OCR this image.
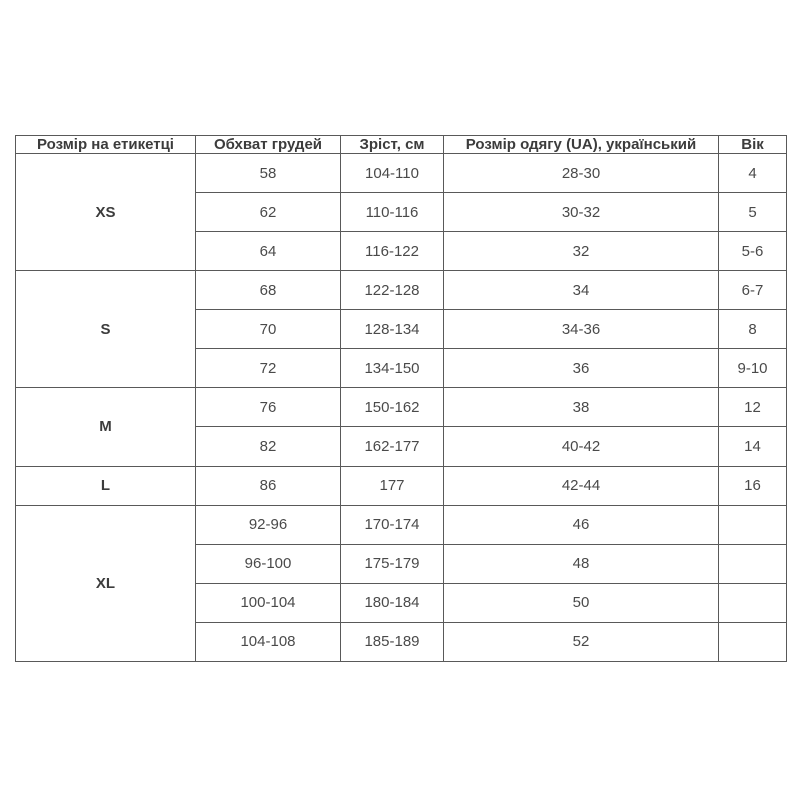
Розмір на етикетці	Обхват грудей	Зріст, см	Розмір одягу (UA), український	Вік
XS	58	104-110	28-30	4
	62	110-116	30-32	5
	64	116-122	32	5-6
S	68	122-128	34	6-7
	70	128-134	34-36	8
	72	134-150	36	9-10
M	76	150-162	38	12
	82	162-177	40-42	14
L	86	177	42-44	16
XL	92-96	170-174	46	
	96-100	175-179	48	
	100-104	180-184	50	
	104-108	185-189	52	
